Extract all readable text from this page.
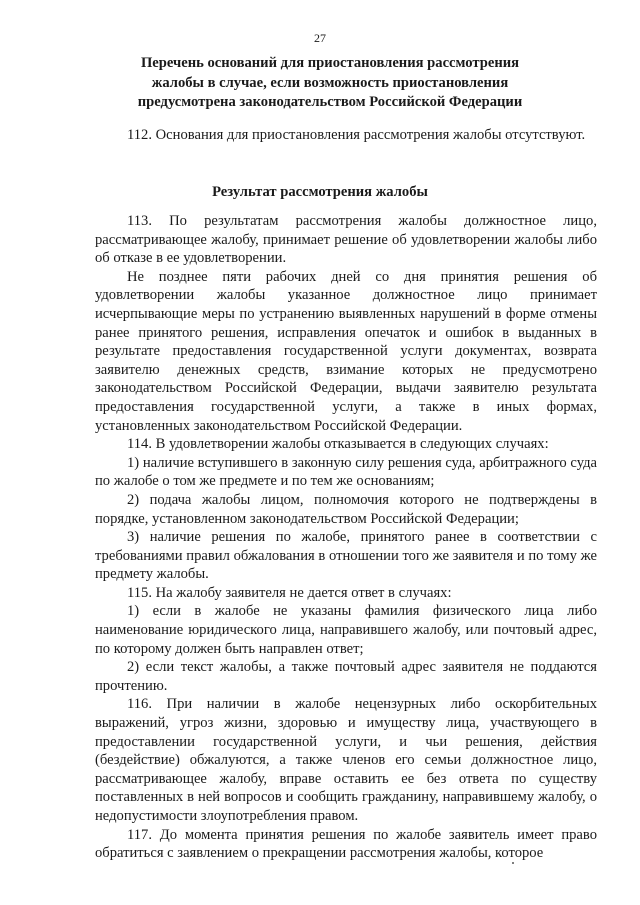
27
Перечень оснований для приостановления рассмотрения жалобы в случае, если возможность приостановления предусмотрена законодательством Российской Федерации

112. Основания для приостановления рассмотрения жалобы отсутствуют.

Результат рассмотрения жалобы

113. По результатам рассмотрения жалобы должностное лицо, рассматривающее жалобу, принимает решение об удовлетворении жалобы либо об отказе в ее удовлетворении.

Не позднее пяти рабочих дней со дня принятия решения об удовлетворении жалобы указанное должностное лицо принимает исчерпывающие меры по устранению выявленных нарушений в форме отмены ранее принятого решения, исправления опечаток и ошибок в выданных в результате предоставления государственной услуги документах, возврата заявителю денежных средств, взимание которых не предусмотрено законодательством Российской Федерации, выдачи заявителю результата предоставления государственной услуги, а также в иных формах, установленных законодательством Российской Федерации.

114. В удовлетворении жалобы отказывается в следующих случаях:

1) наличие вступившего в законную силу решения суда, арбитражного суда по жалобе о том же предмете и по тем же основаниям;

2) подача жалобы лицом, полномочия которого не подтверждены в порядке, установленном законодательством Российской Федерации;

3) наличие решения по жалобе, принятого ранее в соответствии с требованиями правил обжалования в отношении того же заявителя и по тому же предмету жалобы.

115. На жалобу заявителя не дается ответ в случаях:

1) если в жалобе не указаны фамилия физического лица либо наименование юридического лица, направившего жалобу, или почтовый адрес, по которому должен быть направлен ответ;

2) если текст жалобы, а также почтовый адрес заявителя не поддаются прочтению.

116. При наличии в жалобе нецензурных либо оскорбительных выражений, угроз жизни, здоровью и имуществу лица, участвующего в предоставлении государственной услуги, и чьи решения, действия (бездействие) обжалуются, а также членов его семьи должностное лицо, рассматривающее жалобу, вправе оставить ее без ответа по существу поставленных в ней вопросов и сообщить гражданину, направившему жалобу, о недопустимости злоупотребления правом.

117. До момента принятия решения по жалобе заявитель имеет право обратиться с заявлением о прекращении рассмотрения жалобы, которое
